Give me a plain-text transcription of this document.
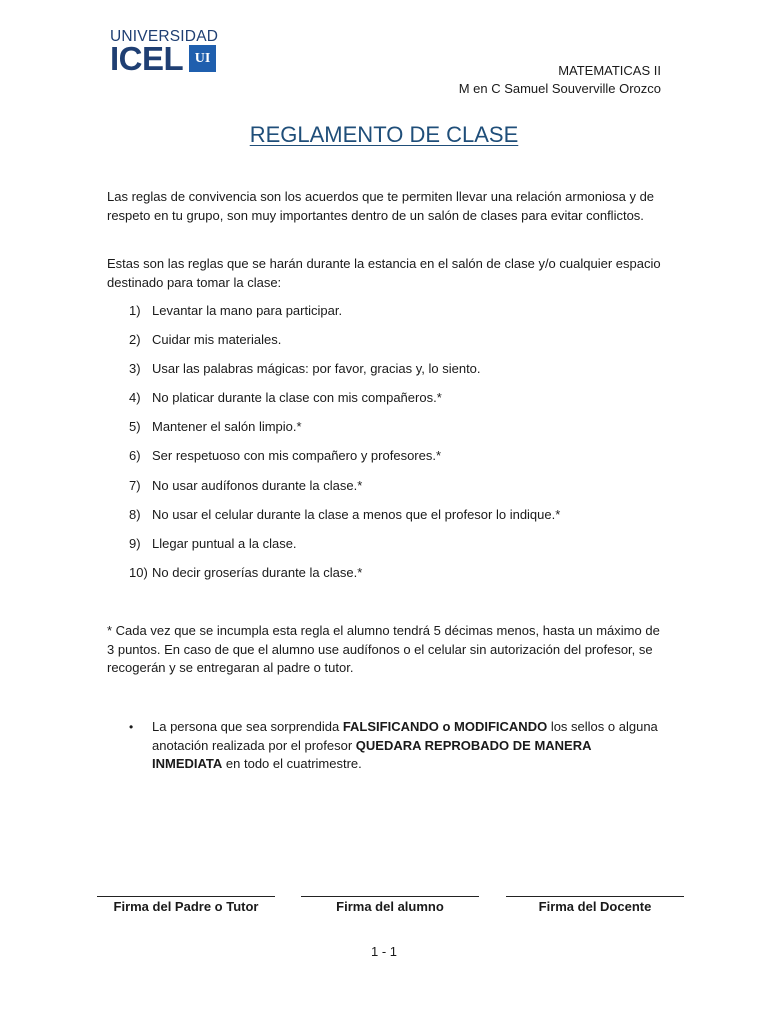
UNIVERSIDAD
ICEL UI
MATEMATICAS II
M en C Samuel Souverville Orozco
REGLAMENTO DE CLASE
Las reglas de convivencia son los acuerdos que te permiten llevar una relación armoniosa y de respeto en tu grupo, son muy importantes dentro de un salón de clases para evitar conflictos.
Estas son las reglas que se harán durante la estancia en el salón de clase y/o cualquier espacio destinado para tomar la clase:
1) Levantar la mano para participar.
2) Cuidar mis materiales.
3) Usar las palabras mágicas: por favor, gracias y, lo siento.
4) No platicar durante la clase con mis compañeros.*
5) Mantener el salón limpio.*
6) Ser respetuoso con mis compañero y profesores.*
7) No usar audífonos durante la clase.*
8) No usar el celular durante la clase a menos que el profesor lo indique.*
9) Llegar puntual a la clase.
10) No decir groserías durante la clase.*
* Cada vez que se incumpla esta regla el alumno tendrá 5 décimas menos, hasta un máximo de 3 puntos. En caso de que el alumno use audífonos o el celular sin autorización del profesor, se recogerán y se entregaran al padre o tutor.
•	La persona que sea sorprendida FALSIFICANDO o MODIFICANDO los sellos o alguna anotación realizada por el profesor QUEDARA REPROBADO DE MANERA INMEDIATA en todo el cuatrimestre.
Firma del Padre o Tutor	Firma del alumno	Firma del Docente
1 - 1
